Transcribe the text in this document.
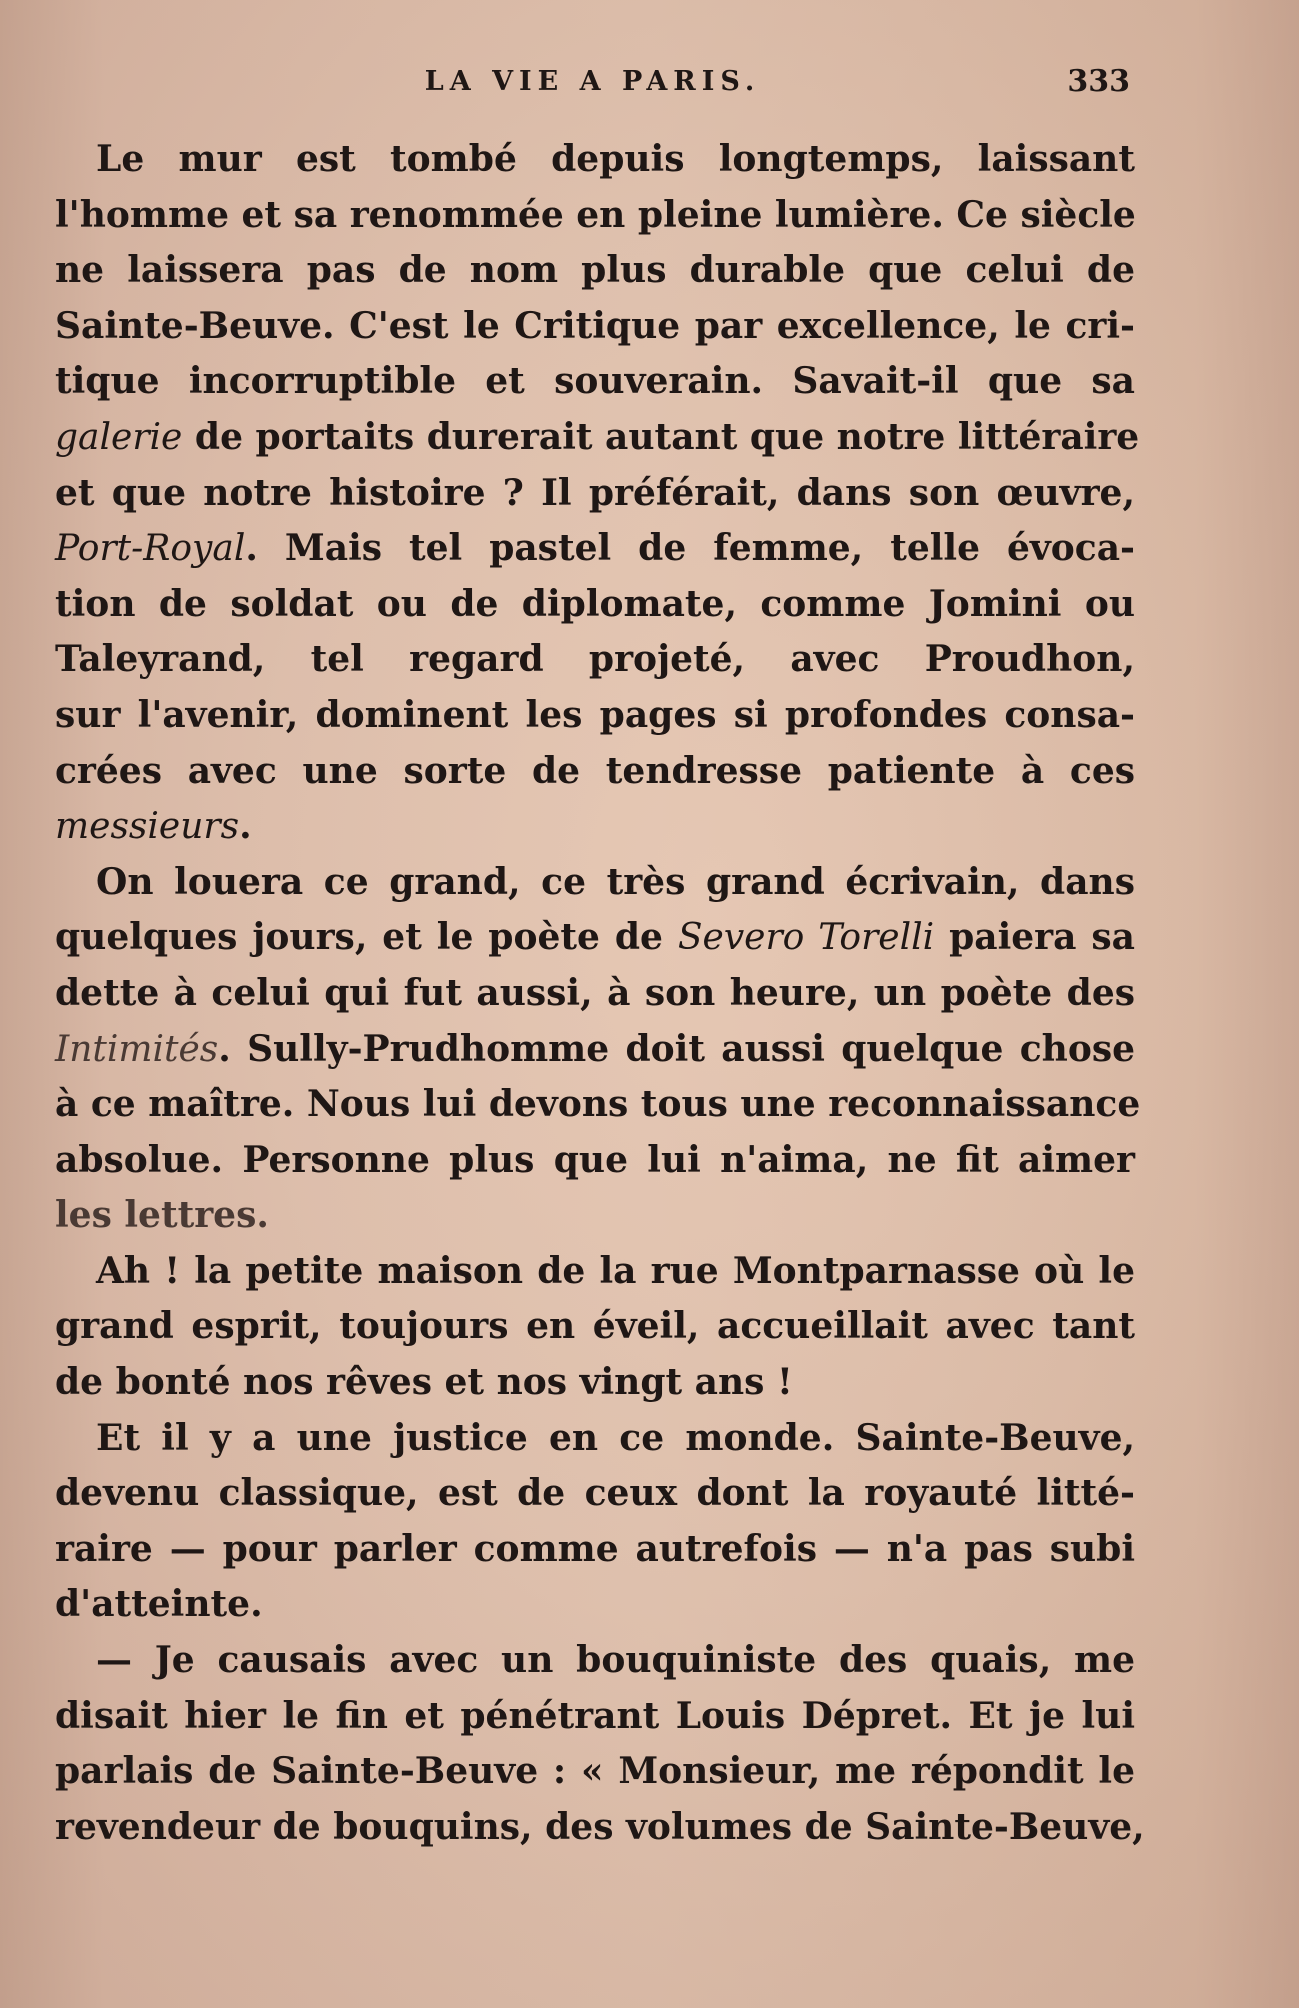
LA VIE A PARIS.	333
Le mur est tombé depuis longtemps, laissant
l'homme et sa renommée en pleine lumière. Ce siècle
ne laissera pas de nom plus durable que celui de
Sainte-Beuve. C'est le Critique par excellence, le cri-
tique incorruptible et souverain. Savait-il que sa
galerie de portaits durerait autant que notre littéraire
et que notre histoire ? Il préférait, dans son œuvre,
Port-Royal. Mais tel pastel de femme, telle évoca-
tion de soldat ou de diplomate, comme Jomini ou
Taleyrand, tel regard projeté, avec Proudhon,
sur l'avenir, dominent les pages si profondes consa-
crées avec une sorte de tendresse patiente à ces
messieurs.
On louera ce grand, ce très grand écrivain, dans
quelques jours, et le poète de Severo Torelli paiera sa
dette à celui qui fut aussi, à son heure, un poète des
Intimités. Sully-Prudhomme doit aussi quelque chose
à ce maître. Nous lui devons tous une reconnaissance
absolue. Personne plus que lui n'aima, ne fit aimer
les lettres.
Ah ! la petite maison de la rue Montparnasse où le
grand esprit, toujours en éveil, accueillait avec tant
de bonté nos rêves et nos vingt ans !
Et il y a une justice en ce monde. Sainte-Beuve,
devenu classique, est de ceux dont la royauté litté-
raire — pour parler comme autrefois — n'a pas subi
d'atteinte.
— Je causais avec un bouquiniste des quais, me
disait hier le fin et pénétrant Louis Dépret. Et je lui
parlais de Sainte-Beuve : « Monsieur, me répondit le
revendeur de bouquins, des volumes de Sainte-Beuve,
